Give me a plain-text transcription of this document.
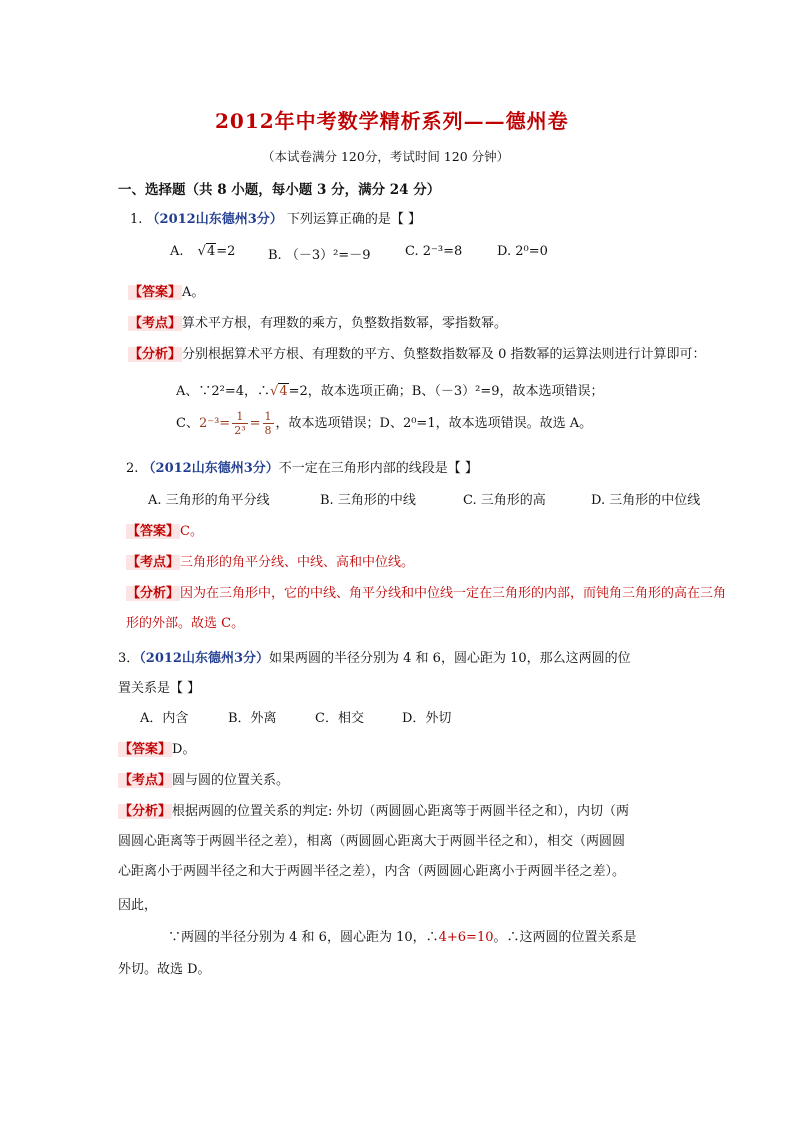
2012年中考数学精析系列——德州卷
（本试卷满分 120分，考试时间 120 分钟）
一、选择题（共 8 小题，每小题 3 分，满分 24 分）
1. （2012山东德州3分） 下列运算正确的是【 】
A. √4=2	B. （－3）²=－9	C. 2⁻³=8	D. 2⁰=0
【答案】A。
【考点】算术平方根，有理数的乘方，负整数指数幂，零指数幂。
【分析】分别根据算术平方根、有理数的平方、负整数指数幂及 0 指数幂的运算法则进行计算即可：
A、∵2²=4，∴√4=2，故本选项正确；B、（－3）²=9，故本选项错误；
C、$2^{-3}= \frac{1}{\text{2³}} = \frac{1}{8}$ ，故本选项错误；D、2⁰=1，故本选项错误。故选 A。
2. （2012山东德州3分）不一定在三角形内部的线段是【 】
A. 三角形的角平分线	B. 三角形的中线	C. 三角形的高	D. 三角形的中位线
【答案】C。
【考点】三角形的角平分线、中线、高和中位线。
【分析】因为在三角形中，它的中线、角平分线和中位线一定在三角形的内部，而钝角三角形的高在三角
形的外部。故选 C。
3．（2012山东德州3分）如果两圆的半径分别为 4 和 6，圆心距为 10，那么这两圆的位
置关系是【 】
A．内含	B．外离	C．相交	D．外切
【答案】D。
【考点】圆与圆的位置关系。
【分析】根据两圆的位置关系的判定: 外切（两圆圆心距离等于两圆半径之和），内切（两
圆圆心距离等于两圆半径之差），相离（两圆圆心距离大于两圆半径之和），相交（两圆圆
心距离小于两圆半径之和大于两圆半径之差），内含（两圆圆心距离小于两圆半径之差）。
因此，
∵两圆的半径分别为 4 和 6，圆心距为 10，∴4+6=10。∴这两圆的位置关系是
外切。故选 D。
